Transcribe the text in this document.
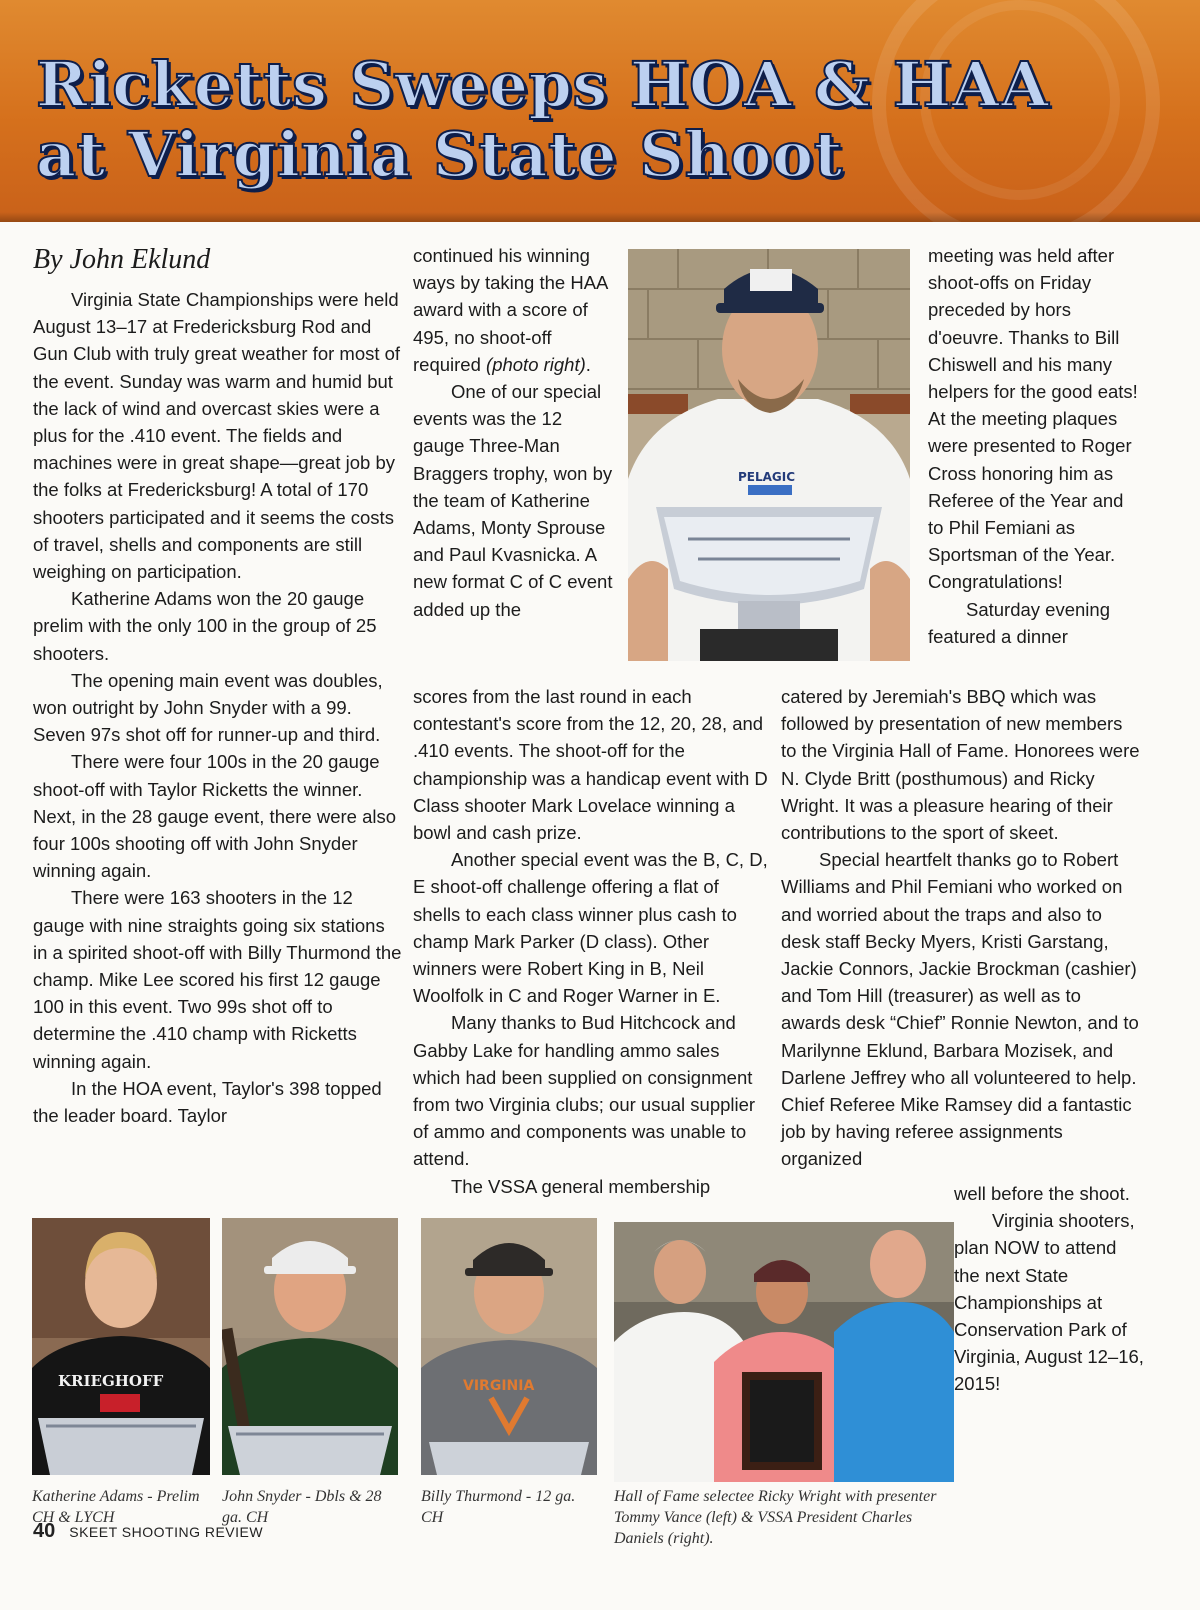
Ricketts Sweeps HOA & HAA
at Virginia State Shoot
By John Eklund

Virginia State Championships were held August 13–17 at Fredericksburg Rod and Gun Club with truly great weather for most of the event. Sunday was warm and humid but the lack of wind and overcast skies were a plus for the .410 event. The fields and machines were in great shape—great job by the folks at Fredericksburg! A total of 170 shooters participated and it seems the costs of travel, shells and components are still weighing on participation.

Katherine Adams won the 20 gauge prelim with the only 100 in the group of 25 shooters.

The opening main event was doubles, won outright by John Snyder with a 99. Seven 97s shot off for runner-up and third.

There were four 100s in the 20 gauge shoot-off with Taylor Ricketts the winner. Next, in the 28 gauge event, there were also four 100s shooting off with John Snyder winning again.

There were 163 shooters in the 12 gauge with nine straights going six stations in a spirited shoot-off with Billy Thurmond the champ. Mike Lee scored his first 12 gauge 100 in this event. Two 99s shot off to determine the .410 champ with Ricketts winning again.

In the HOA event, Taylor's 398 topped the leader board. Taylor

continued his winning ways by taking the HAA award with a score of 495, no shoot-off required (photo right).

One of our special events was the 12 gauge Three-Man Braggers trophy, won by the team of Katherine Adams, Monty Sprouse and Paul Kvasnicka. A new format C of C event added up the

PELAGIC

meeting was held after shoot-offs on Friday preceded by hors d'oeuvre. Thanks to Bill Chiswell and his many helpers for the good eats! At the meeting plaques were presented to Roger Cross honoring him as Referee of the Year and to Phil Femiani as Sportsman of the Year. Congratulations!

Saturday evening featured a dinner

scores from the last round in each contestant's score from the 12, 20, 28, and .410 events. The shoot-off for the championship was a handicap event with D Class shooter Mark Lovelace winning a bowl and cash prize.

Another special event was the B, C, D, E shoot-off challenge offering a flat of shells to each class winner plus cash to champ Mark Parker (D class). Other winners were Robert King in B, Neil Woolfolk in C and Roger Warner in E.

Many thanks to Bud Hitchcock and Gabby Lake for handling ammo sales which had been supplied on consignment from two Virginia clubs; our usual supplier of ammo and components was unable to attend.

The VSSA general membership

catered by Jeremiah's BBQ which was followed by presentation of new members to the Virginia Hall of Fame. Honorees were N. Clyde Britt (posthumous) and Ricky Wright. It was a pleasure hearing of their contributions to the sport of skeet.

Special heartfelt thanks go to Robert Williams and Phil Femiani who worked on and worried about the traps and also to desk staff Becky Myers, Kristi Garstang, Jackie Connors, Jackie Brockman (cashier) and Tom Hill (treasurer) as well as to awards desk “Chief” Ronnie Newton, and to Marilynne Eklund, Barbara Mozisek, and Darlene Jeffrey who all volunteered to help. Chief Referee Mike Ramsey did a fantastic job by having referee assignments organized

well before the shoot.

Virginia shooters, plan NOW to attend the next State Championships at Conservation Park of Virginia, August 12–16, 2015!

KRIEGHOFF
Katherine Adams - Prelim CH & LYCH
John Snyder - Dbls & 28 ga. CH
VIRGINIA
Billy Thurmond - 12 ga. CH
Hall of Fame selectee Ricky Wright with presenter Tommy Vance (left) & VSSA President Charles Daniels (right).
40 SKEET SHOOTING REVIEW
